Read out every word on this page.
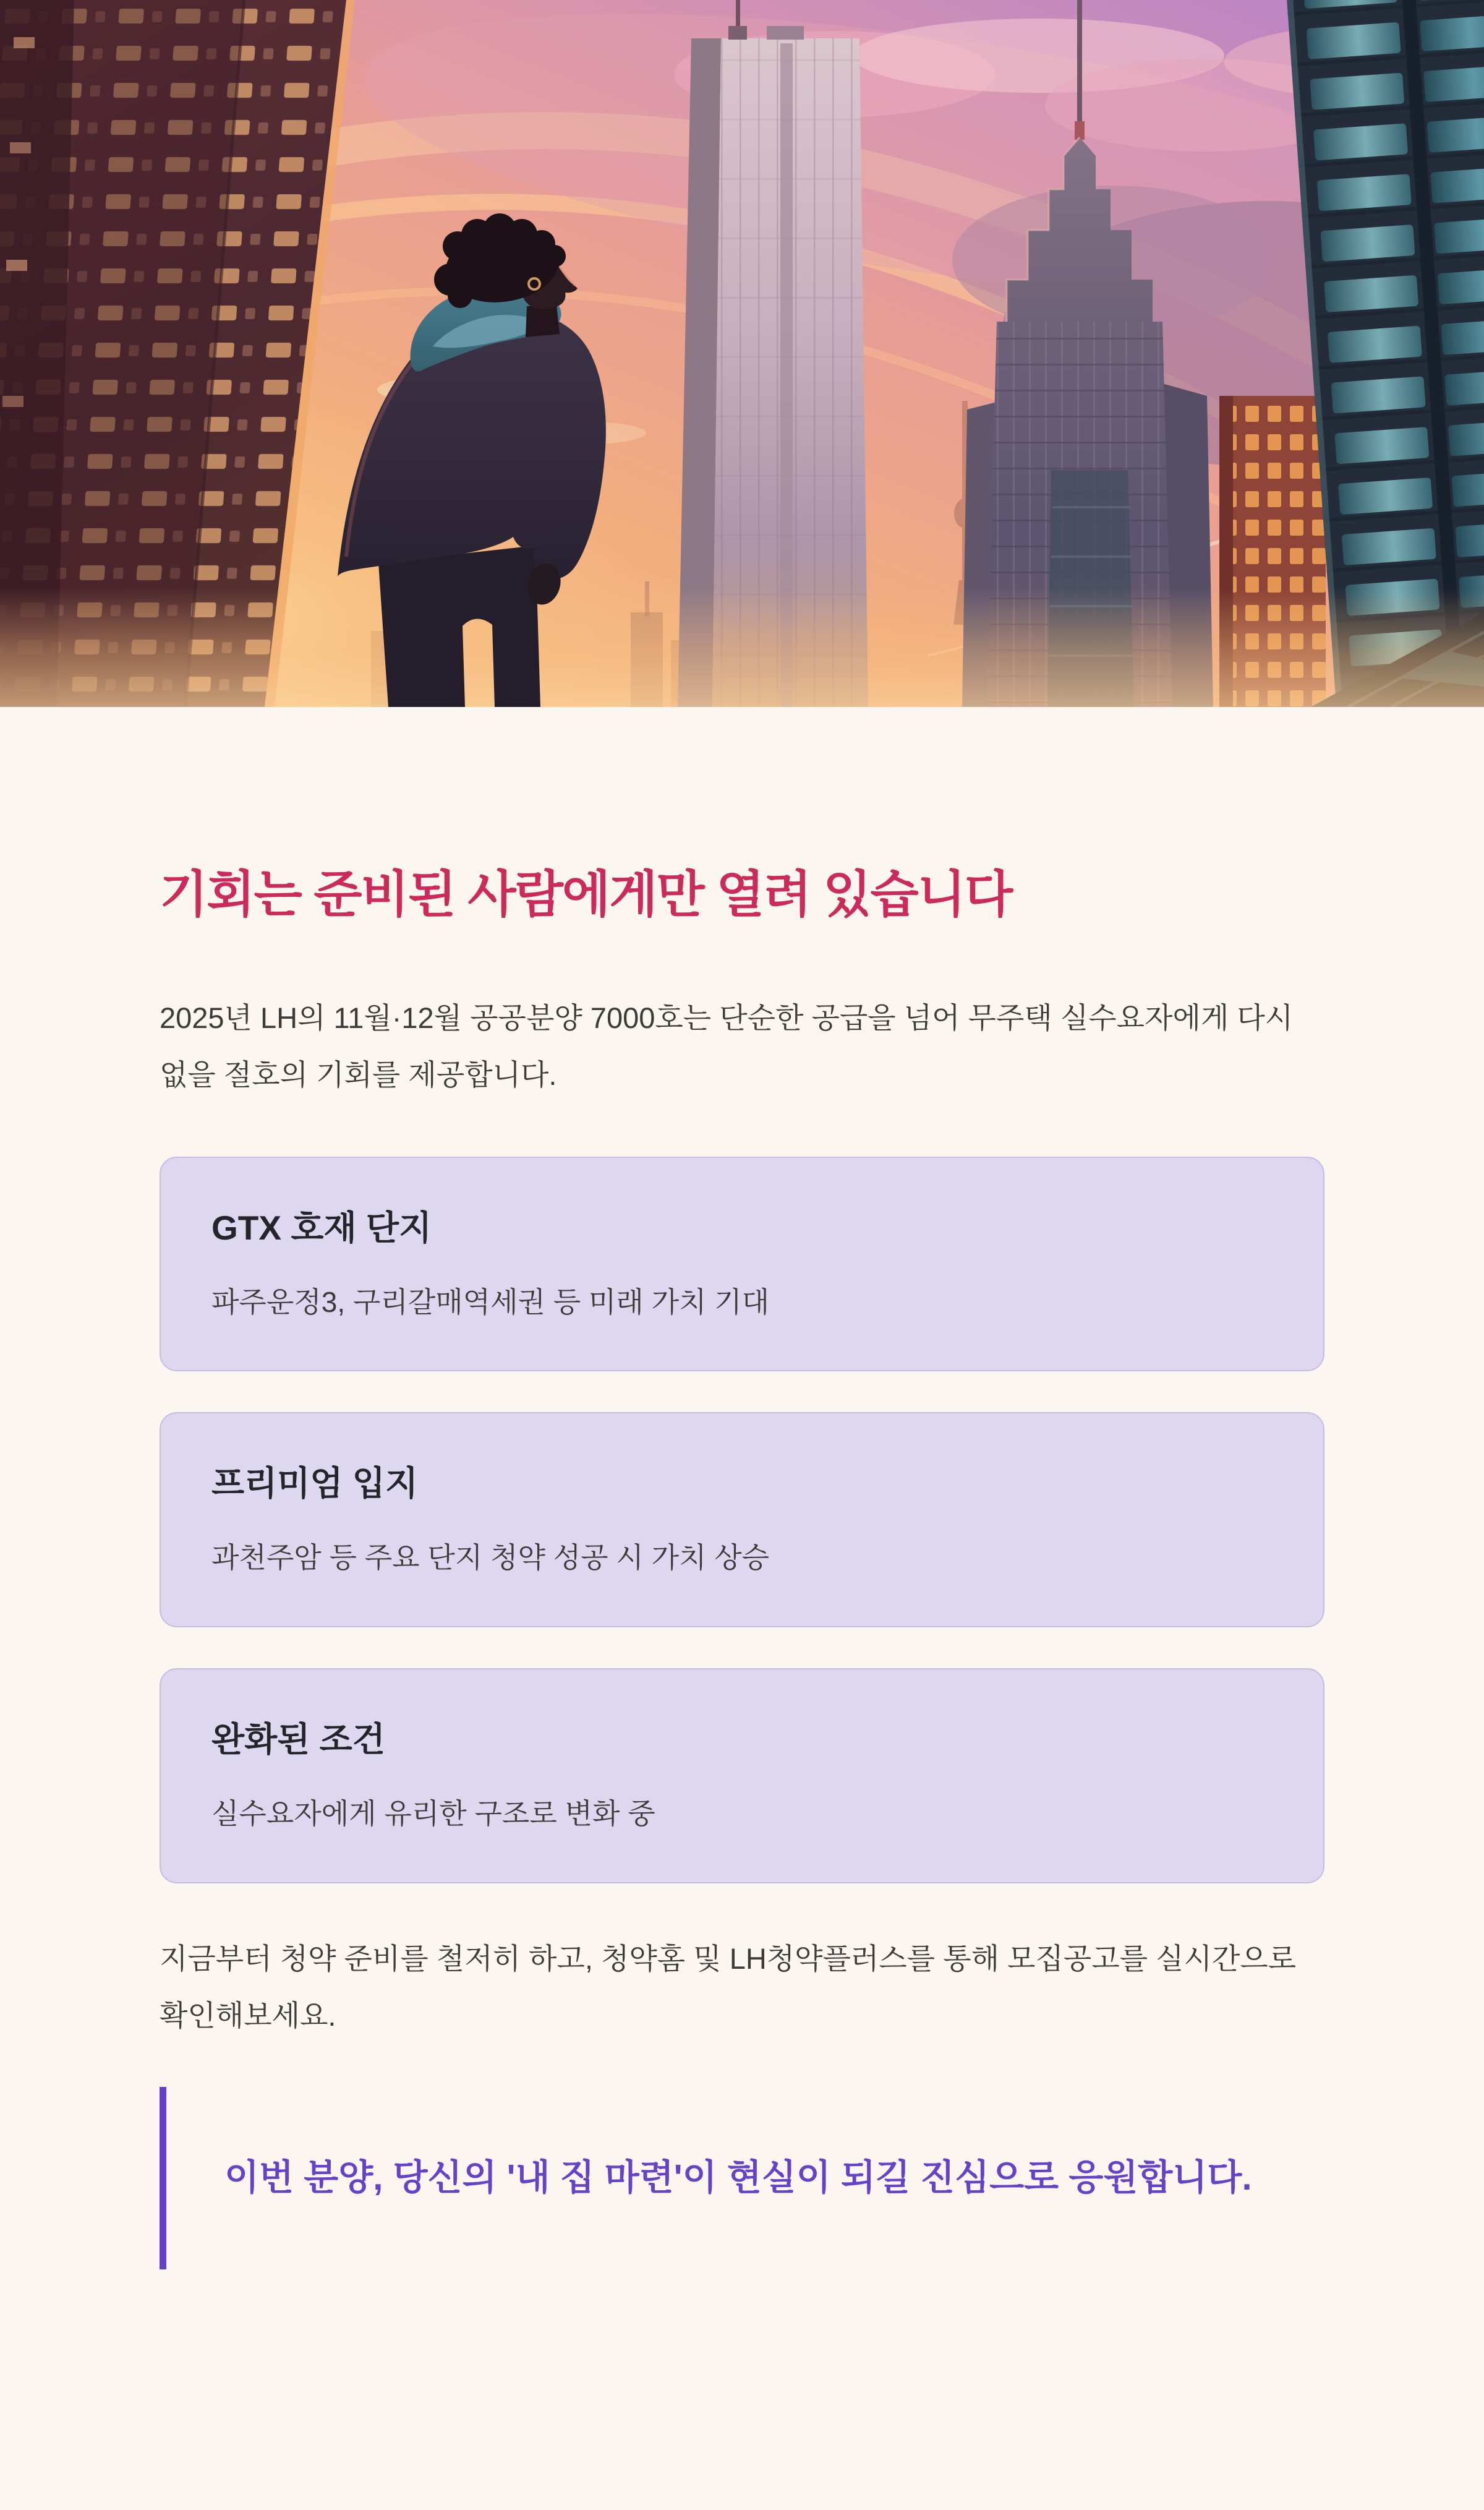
기회는 준비된 사람에게만 열려 있습니다

2025년 LH의 11월·12월 공공분양 7000호는 단순한 공급을 넘어 무주택 실수요자에게 다시 없을 절호의 기회를 제공합니다.

GTX 호재 단지

파주운정3, 구리갈매역세권 등 미래 가치 기대

프리미엄 입지

과천주암 등 주요 단지 청약 성공 시 가치 상승

완화된 조건

실수요자에게 유리한 구조로 변화 중

지금부터 청약 준비를 철저히 하고, 청약홈 및 LH청약플러스를 통해 모집공고를 실시간으로 확인해보세요.

이번 분양, 당신의 '내 집 마련'이 현실이 되길 진심으로 응원합니다.
